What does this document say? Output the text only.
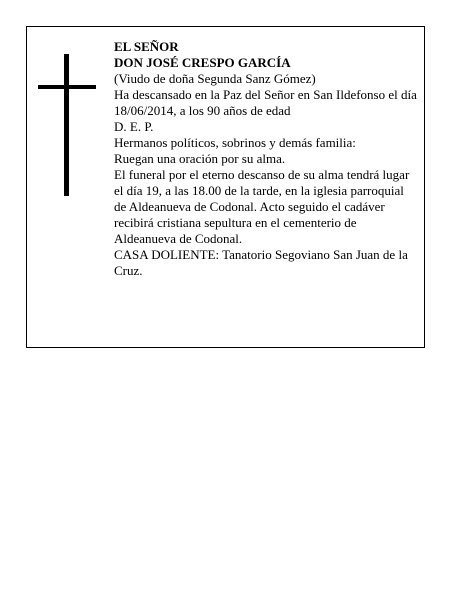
EL SEÑOR
DON JOSÉ CRESPO GARCÍA
(Viudo de doña Segunda Sanz Gómez)
Ha descansado en la Paz del Señor en San Ildefonso el día 18/06/2014, a los 90 años de edad
D. E. P.
Hermanos políticos, sobrinos y demás familia:
Ruegan una oración por su alma.
El funeral por el eterno descanso de su alma tendrá lugar el día 19, a las 18.00 de la tarde, en la iglesia parroquial de Aldeanueva de Codonal. Acto seguido el cadáver recibirá cristiana sepultura en el cementerio de Aldeanueva de Codonal.
CASA DOLIENTE: Tanatorio Segoviano San Juan de la Cruz.
